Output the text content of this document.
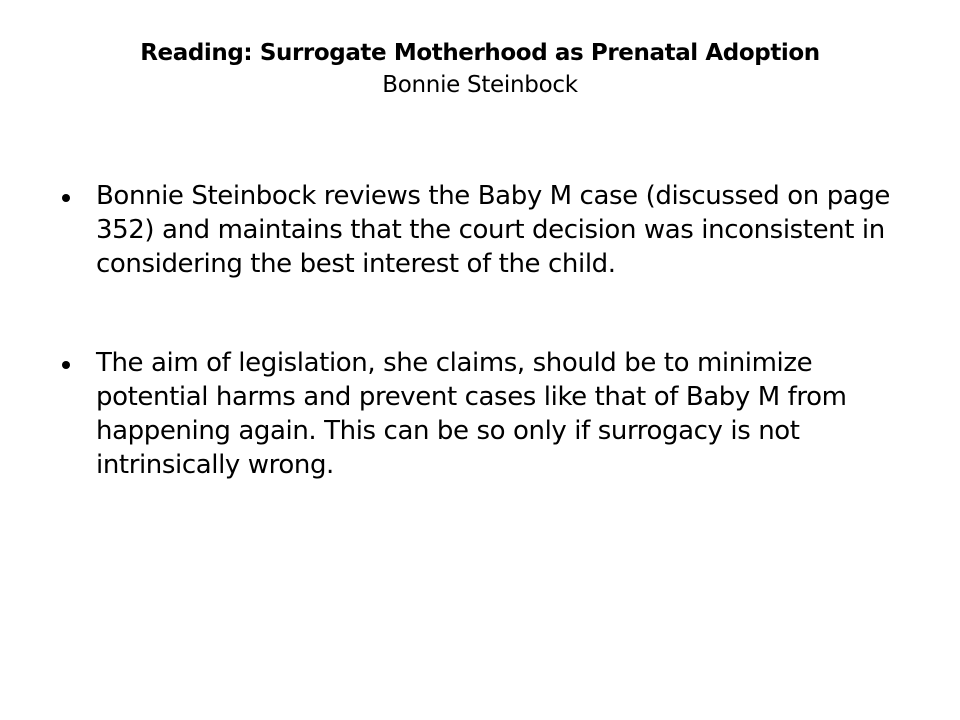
Reading: Surrogate Motherhood as Prenatal Adoption
Bonnie Steinbock
Bonnie Steinbock reviews the Baby M case (discussed on page 352) and maintains that the court decision was inconsistent in considering the best interest of the child.
The aim of legislation, she claims, should be to minimize potential harms and prevent cases like that of Baby M from happening again. This can be so only if surrogacy is not intrinsically wrong.
